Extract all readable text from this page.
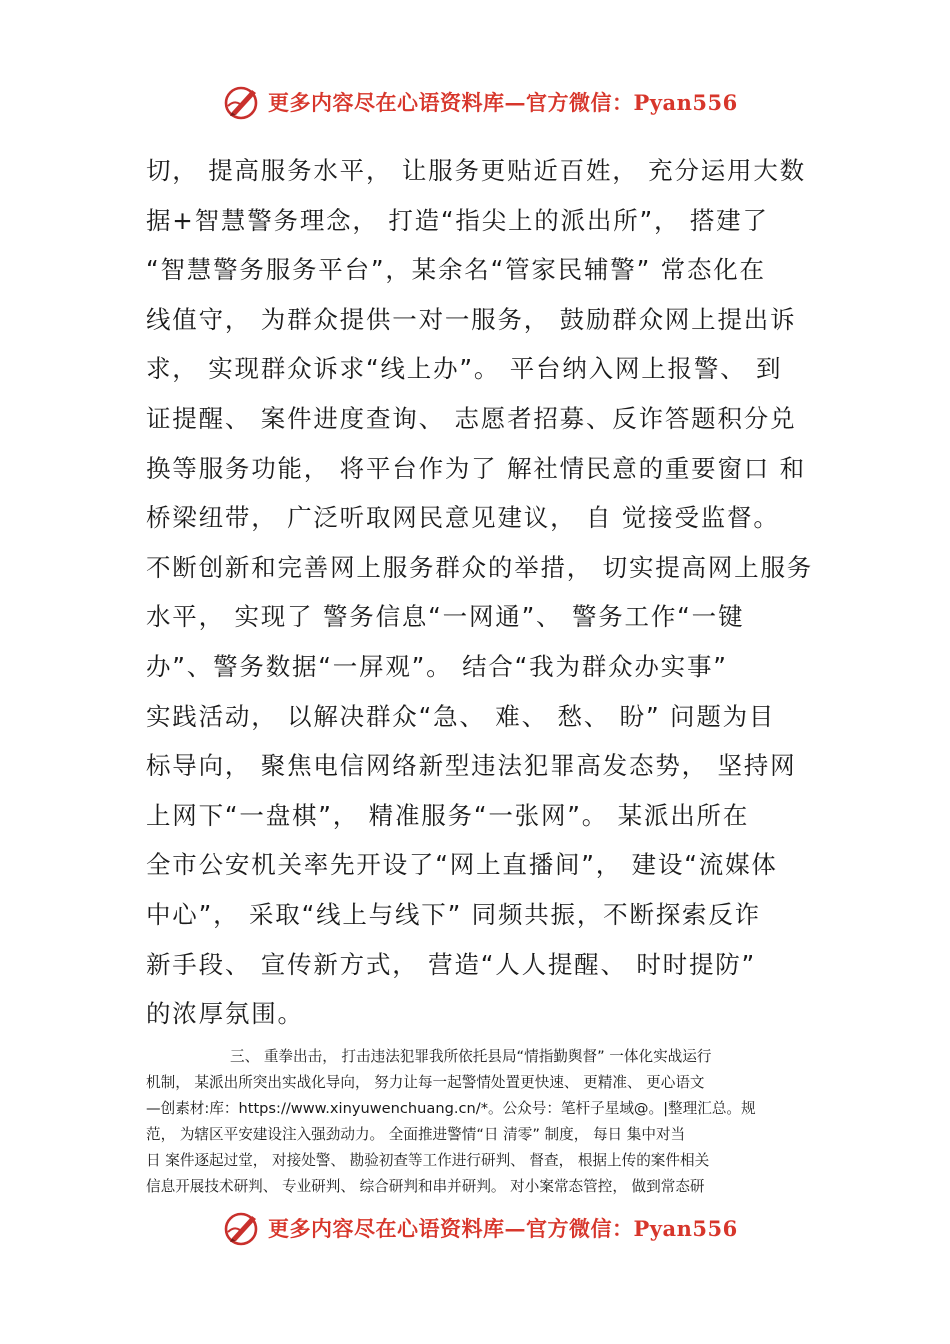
更多内容尽在心语资料库—官方微信：Pyan556
切， 提高服务水平， 让服务更贴近百姓， 充分运用大数
据+智慧警务理念， 打造“指尖上的派出所”， 搭建了
“智慧警务服务平台”，某余名“管家民辅警” 常态化在
线值守， 为群众提供一对一服务， 鼓励群众网上提出诉
求， 实现群众诉求“线上办”。 平台纳入网上报警、 到
证提醒、 案件进度查询、 志愿者招募、反诈答题积分兑
换等服务功能， 将平台作为了 解社情民意的重要窗口 和
桥梁纽带， 广泛听取网民意见建议， 自 觉接受监督。
不断创新和完善网上服务群众的举措， 切实提高网上服务
水平， 实现了 警务信息“一网通”、 警务工作“一键
办”、警务数据“一屏观”。 结合“我为群众办实事”
实践活动， 以解决群众“急、 难、 愁、 盼” 问题为目
标导向， 聚焦电信网络新型违法犯罪高发态势， 坚持网
上网下“一盘棋”， 精准服务“一张网”。 某派出所在
全市公安机关率先开设了“网上直播间”， 建设“流媒体
中心”， 采取“线上与线下” 同频共振，不断探索反诈
新手段、 宣传新方式， 营造“人人提醒、 时时提防”
的浓厚氛围。
三、 重拳出击， 打击违法犯罪我所依托县局“情指勤舆督” 一体化实战运行
机制， 某派出所突出实战化导向， 努力让每一起警情处置更快速、 更精准、 更心语文
—创素材:库：https://www.xinyuwenchuang.cn/*。公众号：笔杆子星域@。|整理汇总。规
范， 为辖区平安建设注入强劲动力。 全面推进警情“日 清零” 制度， 每日 集中对当
日 案件逐起过堂， 对接处警、 勘验初查等工作进行研判、 督查， 根据上传的案件相关
信息开展技术研判、 专业研判、 综合研判和串并研判。 对小案常态管控， 做到常态研
更多内容尽在心语资料库—官方微信：Pyan556
